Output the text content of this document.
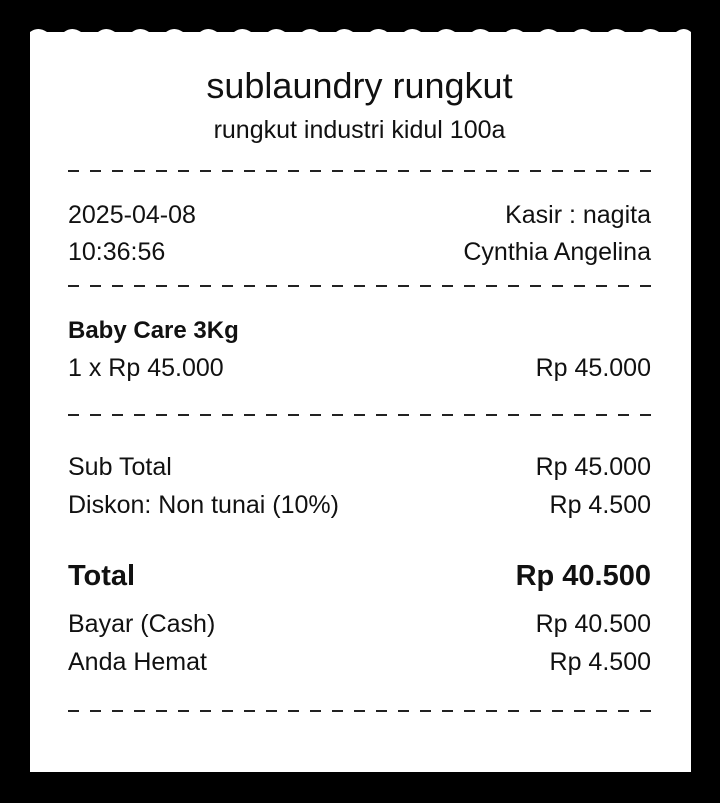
sublaundry rungkut
rungkut industri kidul 100a
2025-04-08	Kasir : nagita
10:36:56	Cynthia Angelina
Baby Care 3Kg
1 x Rp 45.000	Rp 45.000
Sub Total	Rp 45.000
Diskon: Non tunai (10%)	Rp 4.500
Total	Rp 40.500
Bayar (Cash)	Rp 40.500
Anda Hemat	Rp 4.500
